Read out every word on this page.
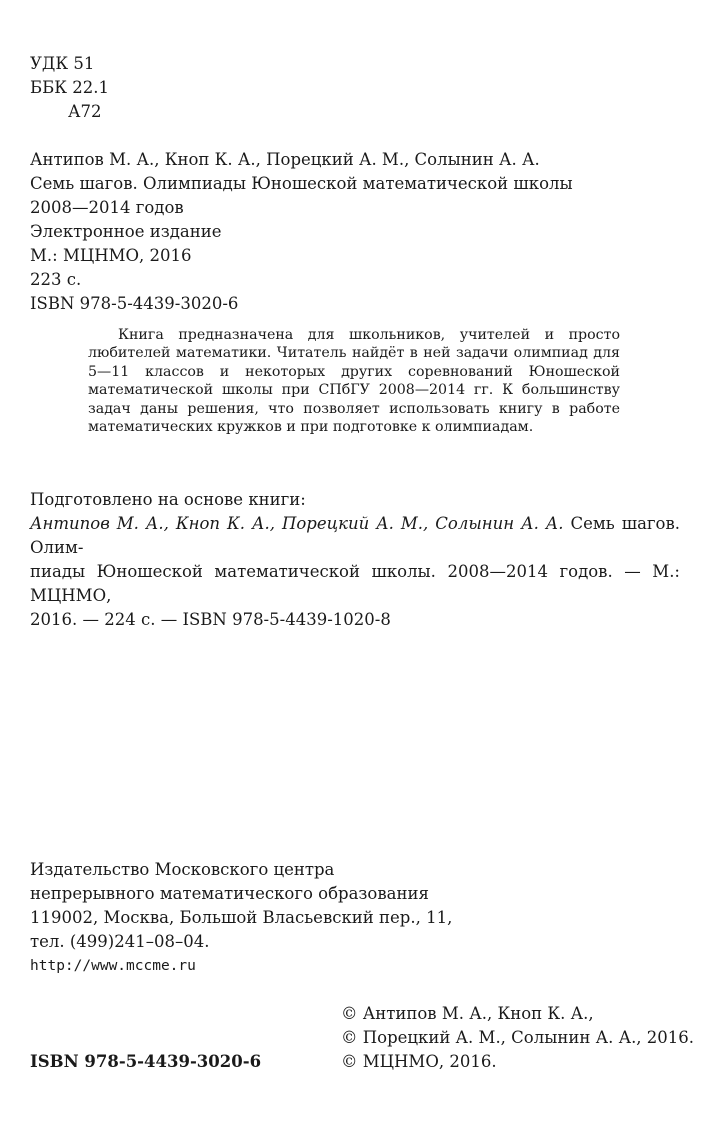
УДК 51
ББК 22.1
А72
Антипов М. А., Кноп К. А., Порецкий А. М., Солынин А. А.
Семь шагов. Олимпиады Юношеской математической школы
2008—2014 годов
Электронное издание
М.: МЦНМО, 2016
223 с.
ISBN 978-5-4439-3020-6

Книга предназначена для школьников, учителей и просто любителей математики. Читатель найдёт в ней задачи олимпиад для 5—11 классов и некоторых других соревнований Юношеской математической школы при СПбГУ 2008—2014 гг. К большинству задач даны решения, что позволяет использовать книгу в работе математических кружков и при подготовке к олимпиадам.

Подготовлено на основе книги:
Антипов М. А., Кноп К. А., Порецкий А. М., Солынин А. А. Семь шагов. Олим-
пиады Юношеской математической школы. 2008—2014 годов. — М.: МЦНМО,
2016. — 224 с. — ISBN 978-5-4439-1020-8
Издательство Московского центра
непрерывного математического образования
119002, Москва, Большой Власьевский пер., 11,
тел. (499)241–08–04.
http://www.mccme.ru
© Антипов М. А., Кноп К. А.,
© Порецкий А. М., Солынин А. А., 2016.
© МЦНМО, 2016.
ISBN 978-5-4439-3020-6
